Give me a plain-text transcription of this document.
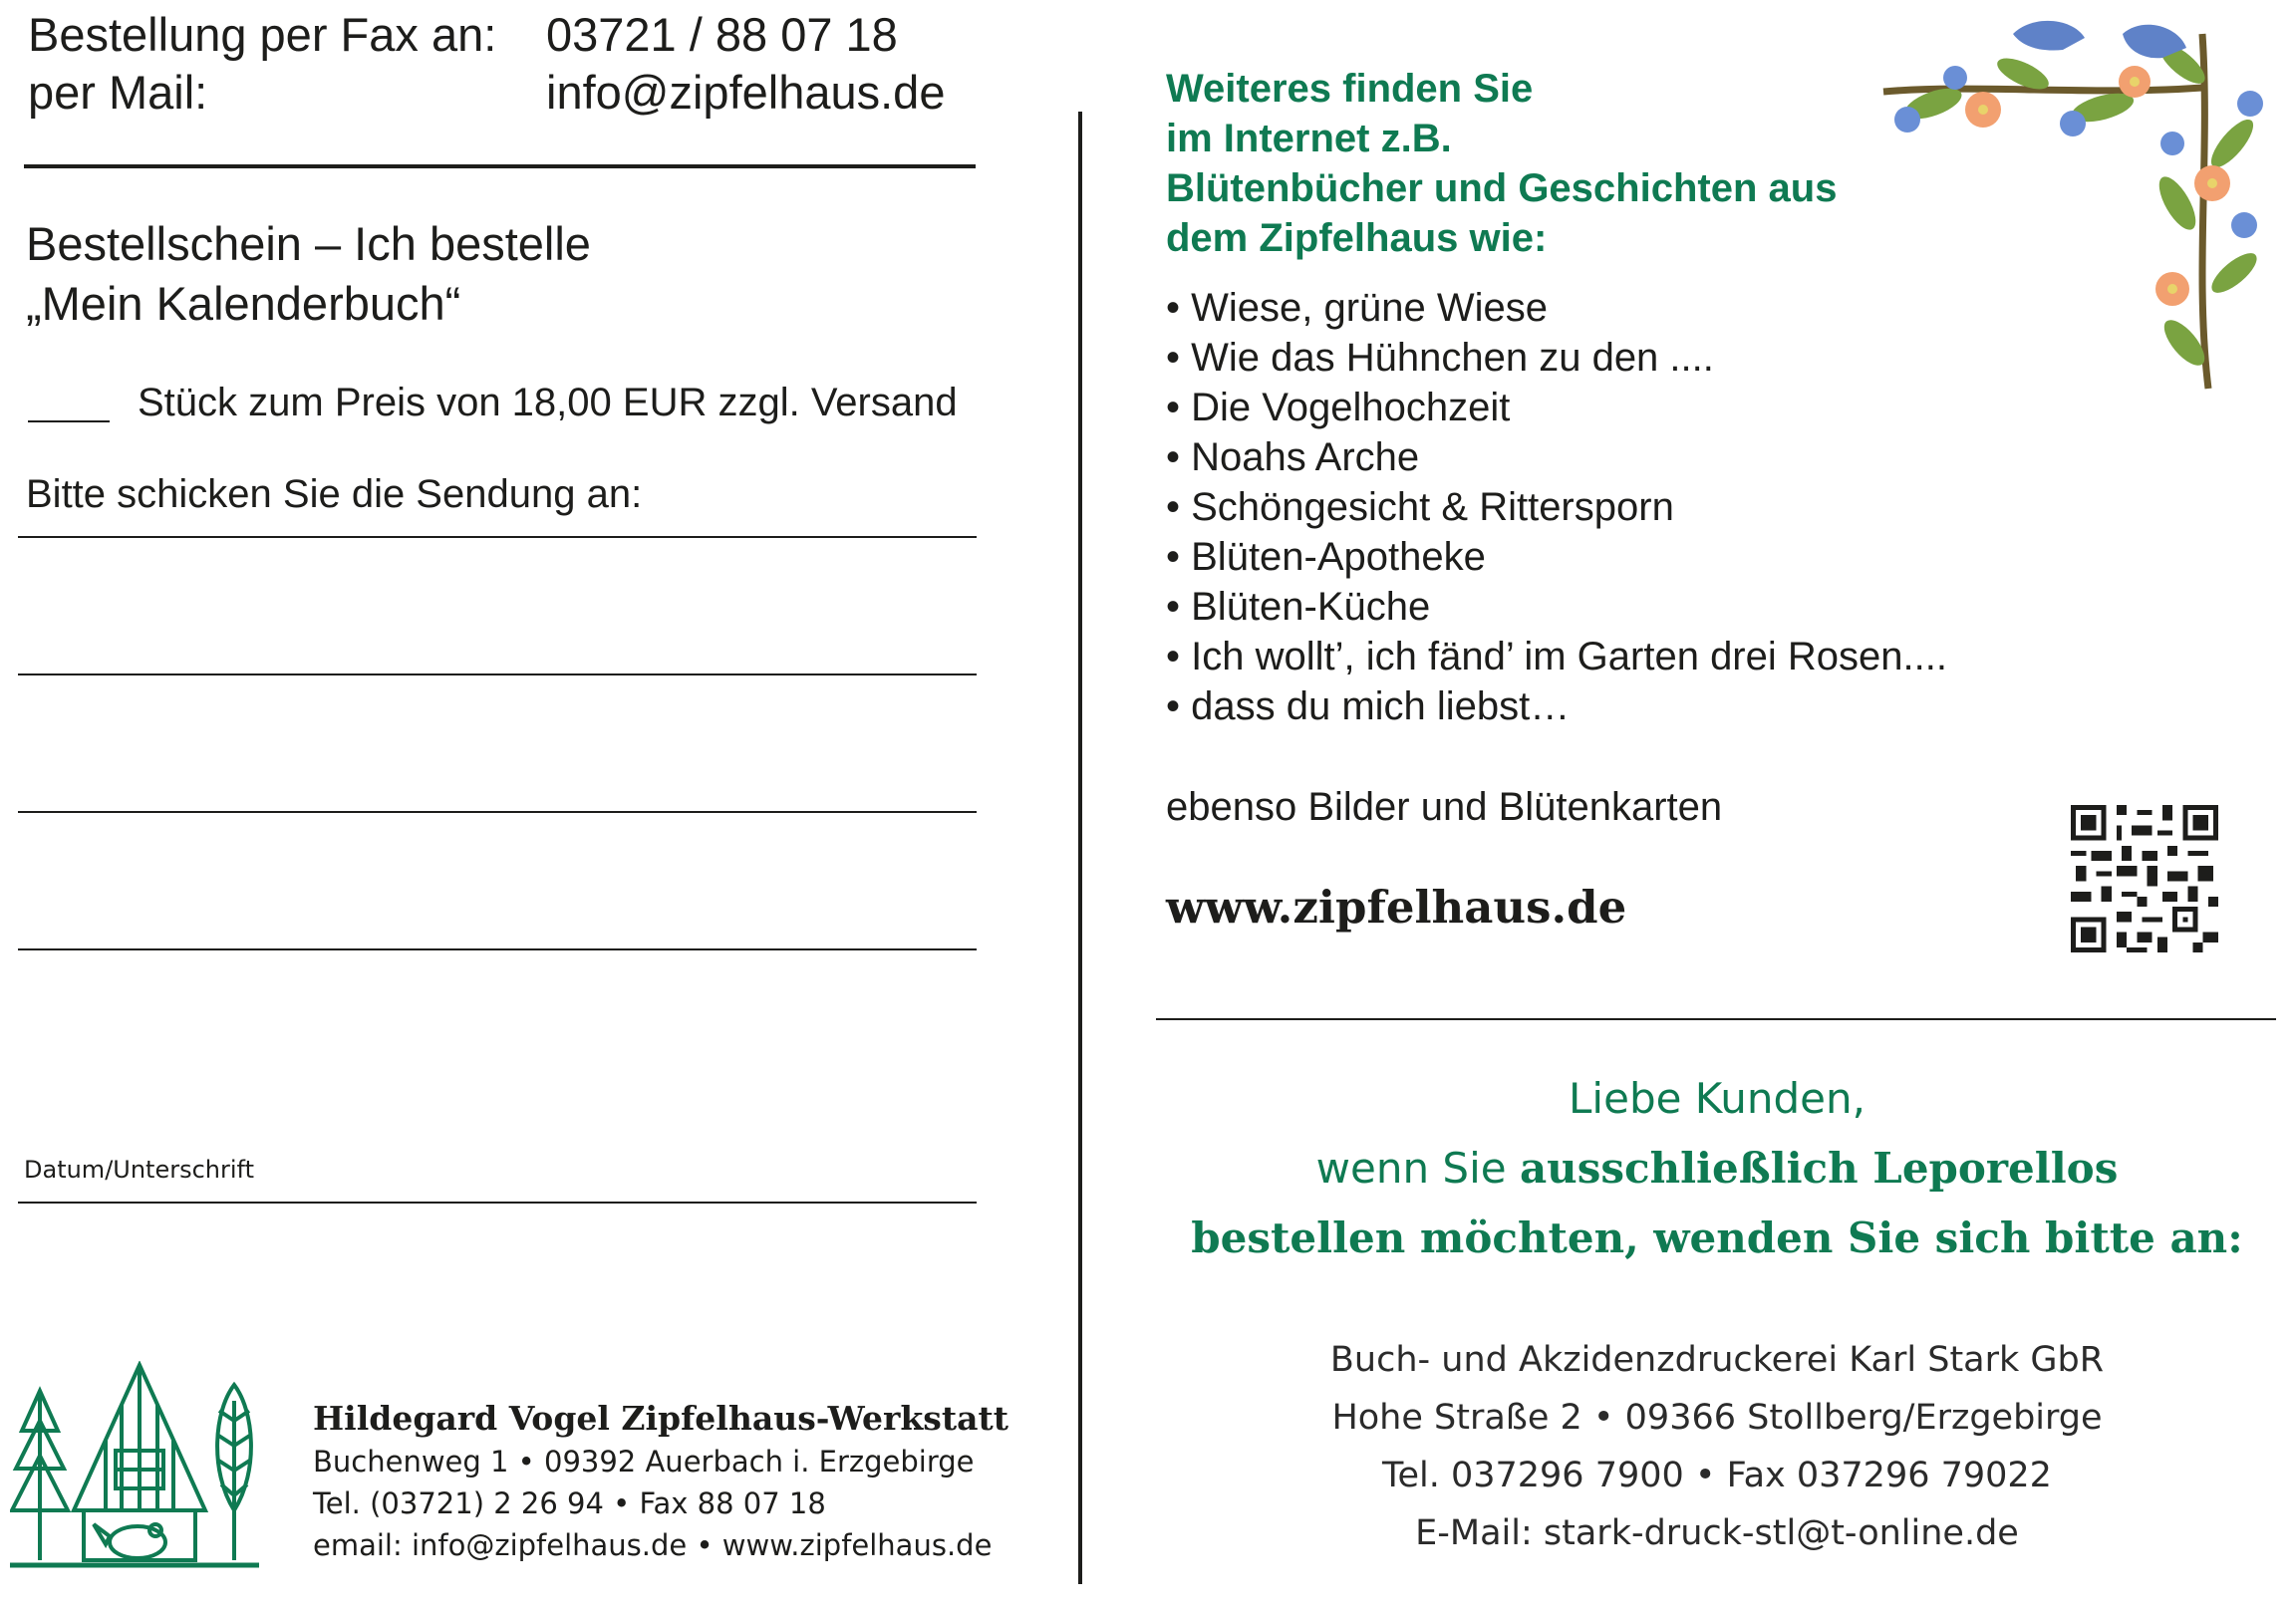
Bestellung per Fax an: 03721 / 88 07 18
per Mail:	info@zipfelhaus.de
Bestellschein – Ich bestelle
„Mein Kalenderbuch“
Stück zum Preis von 18,00 EUR zzgl. Versand
Bitte schicken Sie die Sendung an:
Datum/Unterschrift
Hildegard Vogel Zipfelhaus-Werkstatt
Buchenweg 1 • 09392 Auerbach i. Erzgebirge
Tel. (03721) 2 26 94 • Fax 88 07 18
email: info@zipfelhaus.de • www.zipfelhaus.de
Weiteres finden Sie
im Internet z.B.
Blütenbücher und Geschichten aus
dem Zipfelhaus wie:
• Wiese, grüne Wiese
• Wie das Hühnchen zu den ....
• Die Vogelhochzeit
• Noahs Arche
• Schöngesicht & Rittersporn
• Blüten-Apotheke
• Blüten-Küche
• Ich wollt’, ich fänd’ im Garten drei Rosen....
• dass du mich liebst…
ebenso Bilder und Blütenkarten
www.zipfelhaus.de
Liebe Kunden,
wenn Sie ausschließlich Leporellos
bestellen möchten, wenden Sie sich bitte an:
Buch- und Akzidenzdruckerei Karl Stark GbR
Hohe Straße 2 • 09366 Stollberg/Erzgebirge
Tel. 037296 7900 • Fax 037296 79022
E-Mail: stark-druck-stl@t-online.de
